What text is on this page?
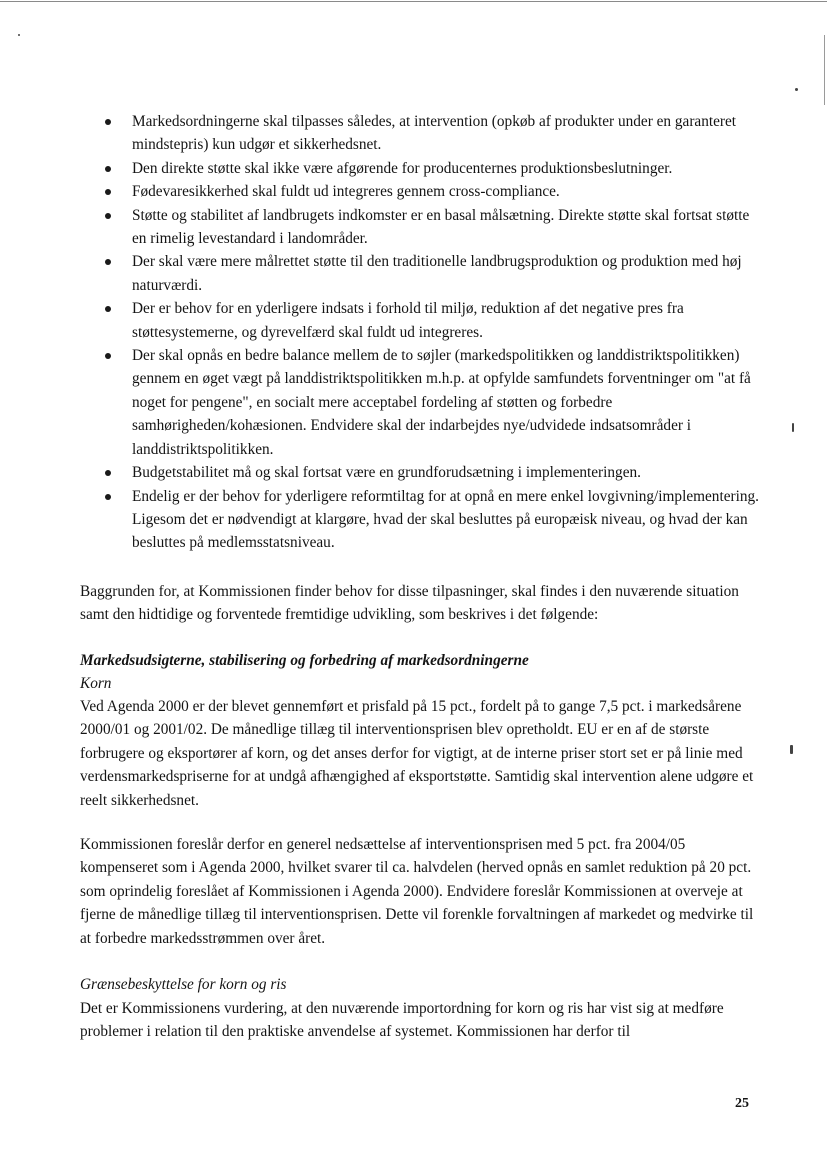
Markedsordningerne skal tilpasses således, at intervention (opkøb af produkter under en garanteret mindstepris) kun udgør et sikkerhedsnet.
Den direkte støtte skal ikke være afgørende for producenternes produktionsbeslutninger.
Fødevaresikkerhed skal fuldt ud integreres gennem cross-compliance.
Støtte og stabilitet af landbrugets indkomster er en basal målsætning. Direkte støtte skal fortsat støtte en rimelig levestandard i landområder.
Der skal være mere målrettet støtte til den traditionelle landbrugsproduktion og produktion med høj naturværdi.
Der er behov for en yderligere indsats i forhold til miljø, reduktion af det negative pres fra støttesystemerne, og dyrevelfærd skal fuldt ud integreres.
Der skal opnås en bedre balance mellem de to søjler (markedspolitikken og landdistriktspolitikken) gennem en øget vægt på landdistriktspolitikken m.h.p. at opfylde samfundets forventninger om "at få noget for pengene", en socialt mere acceptabel fordeling af støtten og forbedre samhørigheden/kohæsionen. Endvidere skal der indarbejdes nye/udvidede indsatsområder i landdistriktspolitikken.
Budgetstabilitet må og skal fortsat være en grundforudsætning i implementeringen.
Endelig er der behov for yderligere reformtiltag for at opnå en mere enkel lovgivning/implementering. Ligesom det er nødvendigt at klargøre, hvad der skal besluttes på europæisk niveau, og hvad der kan besluttes på medlemsstatsniveau.

Baggrunden for, at Kommissionen finder behov for disse tilpasninger, skal findes i den nuværende situation samt den hidtidige og forventede fremtidige udvikling, som beskrives i det følgende:

Markedsudsigterne, stabilisering og forbedring af markedsordningerne

Korn

Ved Agenda 2000 er der blevet gennemført et prisfald på 15 pct., fordelt på to gange 7,5 pct. i markedsårene 2000/01 og 2001/02. De månedlige tillæg til interventionsprisen blev opretholdt. EU er en af de største forbrugere og eksportører af korn, og det anses derfor for vigtigt, at de interne priser stort set er på linie med verdensmarkedspriserne for at undgå afhængighed af eksportstøtte. Samtidig skal intervention alene udgøre et reelt sikkerhedsnet.

Kommissionen foreslår derfor en generel nedsættelse af interventionsprisen med 5 pct. fra 2004/05 kompenseret som i Agenda 2000, hvilket svarer til ca. halvdelen (herved opnås en samlet reduktion på 20 pct. som oprindelig foreslået af Kommissionen i Agenda 2000). Endvidere foreslår Kommissionen at overveje at fjerne de månedlige tillæg til interventionsprisen. Dette vil forenkle forvaltningen af markedet og medvirke til at forbedre markedsstrømmen over året.

Grænsebeskyttelse for korn og ris

Det er Kommissionens vurdering, at den nuværende importordning for korn og ris har vist sig at medføre problemer i relation til den praktiske anvendelse af systemet. Kommissionen har derfor til

25
